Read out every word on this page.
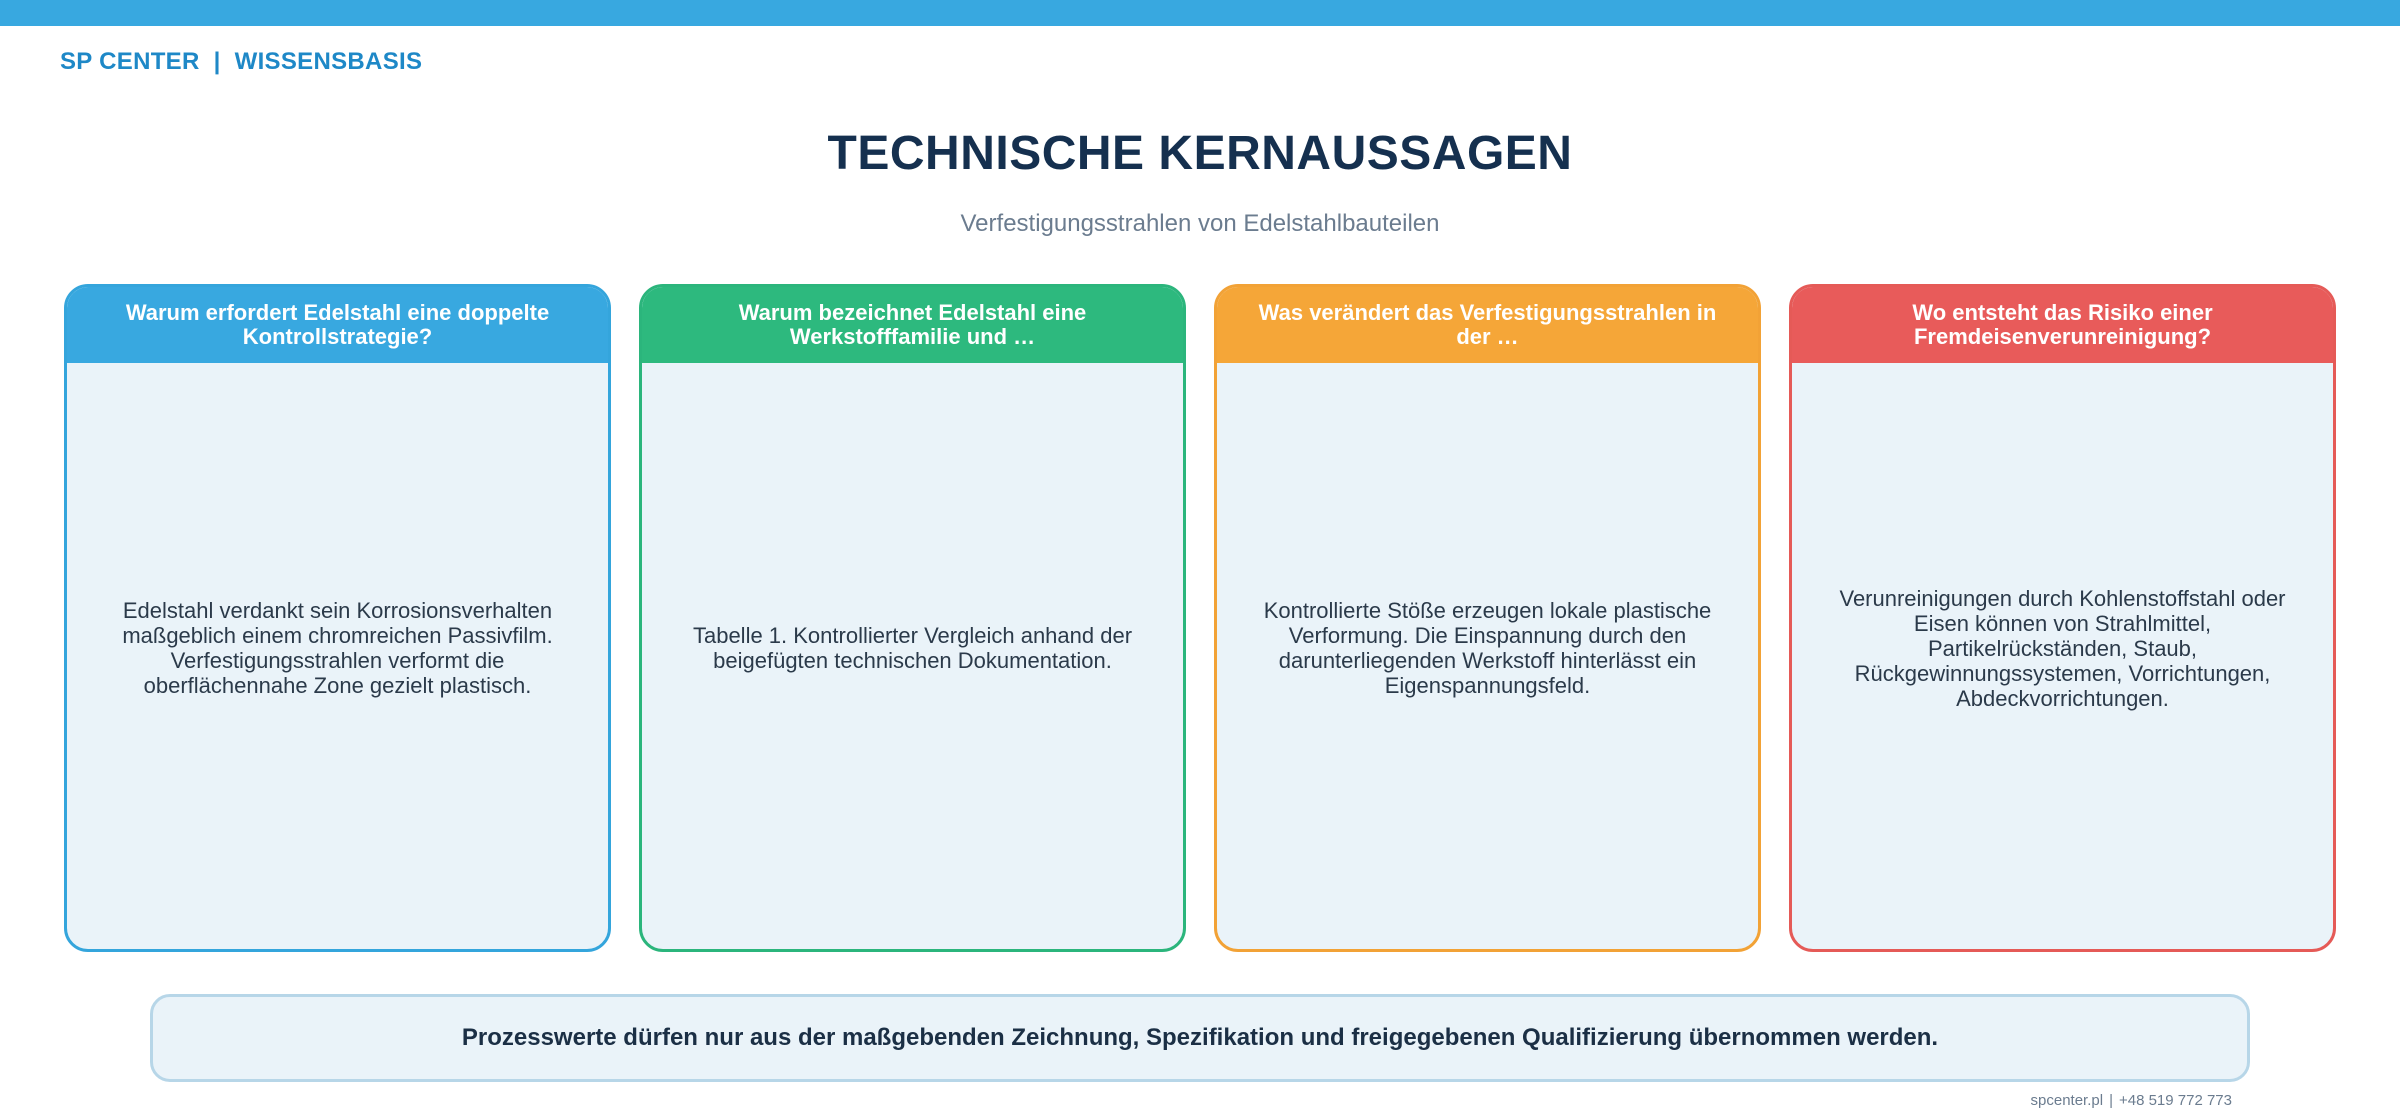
SP CENTER | WISSENSBASIS
TECHNISCHE KERNAUSSAGEN
Verfestigungsstrahlen von Edelstahlbauteilen
Warum erfordert Edelstahl eine doppelte Kontrollstrategie?
Edelstahl verdankt sein Korrosionsverhalten maßgeblich einem chromreichen Passivfilm. Verfestigungsstrahlen verformt die oberflächennahe Zone gezielt plastisch.
Warum bezeichnet Edelstahl eine Werkstofffamilie und …
Tabelle 1. Kontrollierter Vergleich anhand der beigefügten technischen Dokumentation.
Was verändert das Verfestigungsstrahlen in der …
Kontrollierte Stöße erzeugen lokale plastische Verformung. Die Einspannung durch den darunterliegenden Werkstoff hinterlässt ein Eigenspannungsfeld.
Wo entsteht das Risiko einer Fremdeisenverunreinigung?
Verunreinigungen durch Kohlenstoffstahl oder Eisen können von Strahlmittel, Partikelrückständen, Staub, Rückgewinnungssystemen, Vorrichtungen, Abdeckvorrichtungen.
Prozesswerte dürfen nur aus der maßgebenden Zeichnung, Spezifikation und freigegebenen Qualifizierung übernommen werden.
spcenter.pl | +48 519 772 773
